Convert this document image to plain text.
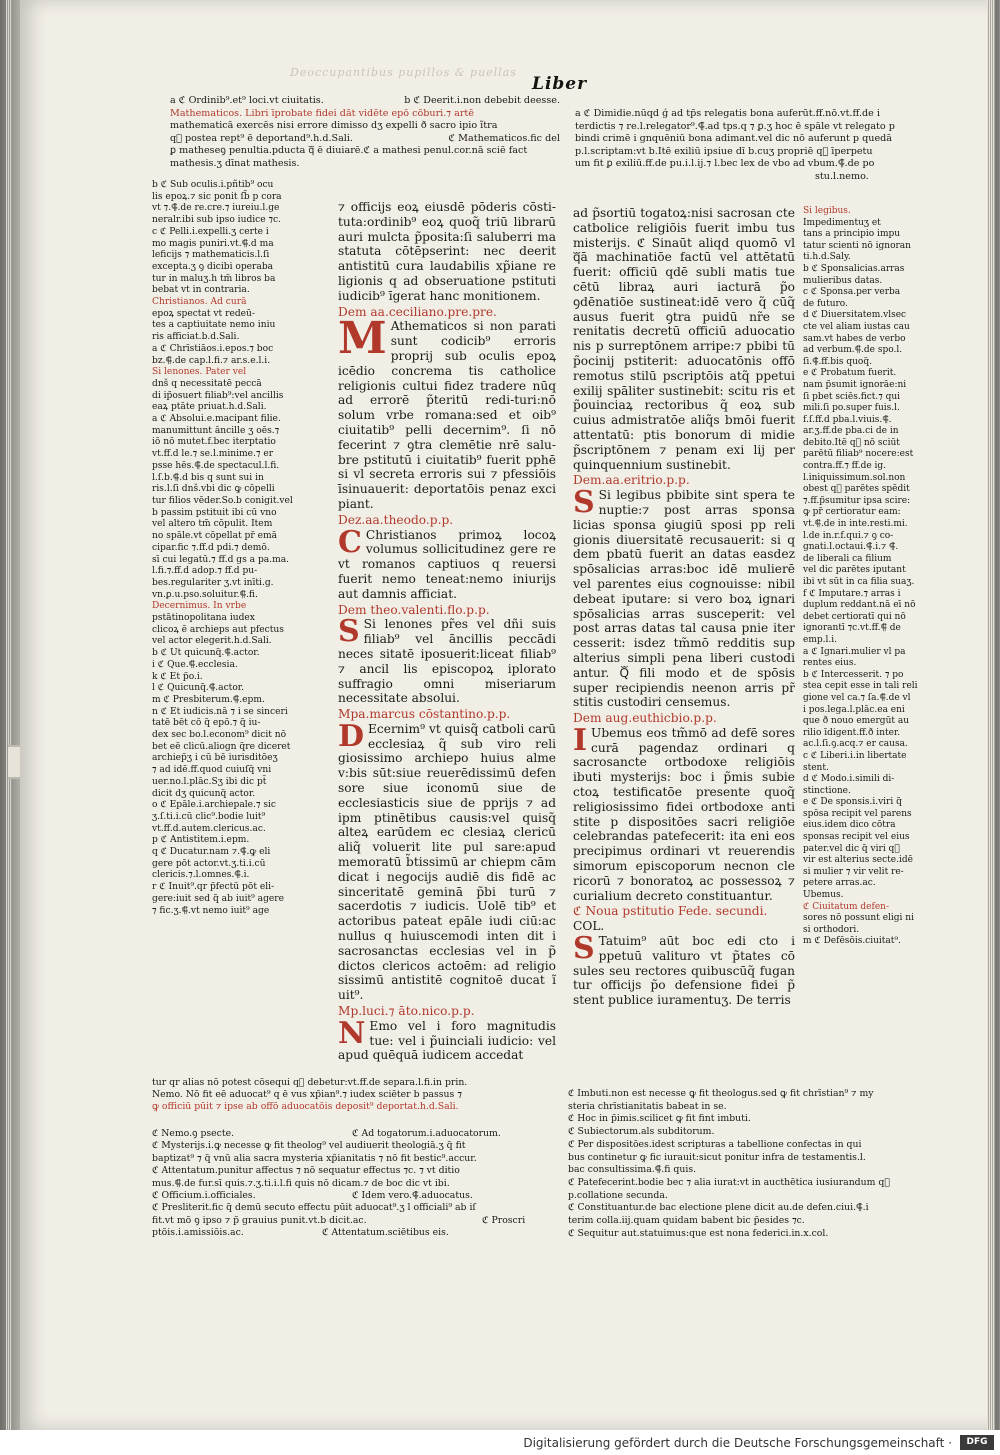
Deoccupantibus pupillos & puellas
Liber
a ℭ Ordinib⁹.et⁹ loci.vt ciuitatis.
Mathematicos. Libri īprobate fidei dāt vidēte epō cōburi.⁊ artē
mathematicā exercēs nisi errore dimisso dʒ expelli ð sacro ipio ĩtra
qᷓ postea rept⁹ ē deportand⁹.h.d.Sali.
ꝑ matheseꝯ penultia.pducta qᷓ ē diuiarē.ℭ a mathesi penul.cor.nā sciē fact
mathesis.ʒ dīnat mathesis.
b ℭ Deerit.i.non debebit deesse.
ℭ Mathematicos.fic del
a ℭ Dimidie.nūqd ǵ ad tp̃s relegatis bona auferūt.ff.nō.vt.ff.de i
terdictis ⁊ re.l.relegator⁹.⸿.ad tps.q ⁊ ꝑ.ʒ hoc ē spāle vt relegato p
bindi crimē i gnquēniū bona adimant.vel dic nō auferunt p quedā
p.l.scriptam:vt b.Itē exiliū ipsiue dī b.cuʒ propriē qᷓ īperpetu
um fit ꝑ exiliū.ff.de pu.i.l.ij.⁊ l.bec lex de vbo ad vbum.⸿.de po
stu.l.nemo.
b ℭ Sub oculis.i.pñtib⁹ ocu
lis epoꝝ.⁊ sic ponit ſb̃ p cora
vt ⁊.⸿.de re.cre.⁊ iureiu.l.ge
neralr.ibi sub ipso iudice ⁊c.
c ℭ Pelli.i.expelli.ʒ certe i
mo magis puniri.vt.⸿.d ma
leficijs ⁊ mathematicis.l.ſi
excepta.ʒ ꝯ dicibi operaba
tur in maluʒ.h tm̃ libros ba
bebat vt in contraria.
Christianos. Ad curā
epoꝝ spectat vt redeū-
tes a captiuitate nemo iniu
ris afficiat.b.d.Sali.
a ℭ Chrīstiāos.i.epos.⁊ boc
bz.⸿.de cap.l.fi.⁊ ar.s.e.l.i.
Si lenones. Pater vel
dnš q necessitatē peccā
di ip̃osuert filiab⁹:vel ancillis
eaꝝ ptāte priuat.h.d.Sali.
a ℭ Absolui.e.macipant filie.
manumittunt āncille ʒ oēs.⁊
iō nō mutet.f.bec iterptatio
vt.ff.d le.⁊ se.l.minime.⁊ er
psse hēs.⸿.de spectacul.l.fi.
l.ſ.b.⸿.d bis q sunt sui in
ris.l.ſi dnš.vbi dic ꝙ cōpelli
tur filios vēder.So.b conigit.vel
b passim pstituit ibi cū vno
vel altero tm̃ cōpulit. Item
no spāle.vt cōpellat pr̃ emā
cipar.fic ⁊.ff.d pdi.⁊ demō.
sī cui legatū.⁊ ff.d gs a pa.ma.
l.fi.⁊.ff.d adop.⁊ ff.d pu-
bes.regulariter ʒ.vt inīti.g.
vn.ꝑ.u.pso.soluitur.⸿.fi.
Decernimus. In vrbe
pstātinopolitana iudex
clicoꝝ ē archieps aut pfectus
vel actor elegerit.h.d.Sali.
b ℭ Ut quicunq̃.⸿.actor.
i ℭ Que.⸿.ecclesia.
k ℭ Et p̃o.i.
l ℭ Quicunq̃.⸿.actor.
m ℭ Presbiterum.⸿.epm.
n ℭ Et iudicis.nā ⁊ i se sinceri
tatē bēt cō q̃ epō.⁊ q̃ iu-
dex sec bo.l.econom⁹ dicit nō
bet eē clicū.aliogn q̃re diceret
archiep̃ʒ i cū bē iurisditōeʒ
⁊ ad idē.ff.quod cuiuſq̃ vni
uer.no.l.plāc.Sʒ ibi dic pt̃
dicit dʒ quicunq̃ actor.
o ℭ Epāle.i.archiepale.⁊ sic
ʒ.ſ.ti.i.cū clic⁹.bodie luit⁹
vt.ff.d.autem.clericus.ac.
p ℭ Antistitem.i.epm.
q ℭ Ducatur.nam ⁊.⸿.ꝙ eli
gere pōt actor.vt.ʒ.ti.i.cū
clericis.⁊.l.omnes.⸿.i.
r ℭ Inuit⁹.qr p̃fectū pōt eli-
gere:iuit sed q̃ ab iuit⁹ agere
⁊ fic.ʒ.⸿.vt nemo iuit⁹ age
tur qr alias nō potest cōsequi qᷓ debetur:vt.ff.de separa.l.fi.in prin.
Nemo. Nō fit eē aduocat⁹ q ē vus xp̃ian⁹.⁊ iudex sciēter b passus ⁊
ꝙ officiū pūit ⁊ ipse ab offō aduocatōis deposit⁹ deportat.h.d.Sali.

⁊ officijs eoꝝ eiusdē pōderis cōsti-tuta:ordinib⁹ eoꝝ quoq̃ triū librarū auri mulcta p̃posita:ſi saluberri ma statuta cōtēpserint: nec deerit antistitū cura laudabilis xp̃iane re ligionis q ad obseruatione pstituti iudicib⁹ īgerat hanc monitionem.

Dem aa.ceciliano.pre.pre.

M Athematicos si non parati sunt codicib⁹ erroris proprij sub oculis epoꝝ icēdio concrema tis catholice religionis cultui fidez tradere nūq ad errorē p̃teritū redi-turi:nō solum vrbe romana:sed et oib⁹ ciuitatib⁹ pelli decernim⁹. ſi nō fecerint ⁊ ꝯtra clemētie nrē salu-bre pstitutū i ciuitatib⁹ fuerit pphē si vl secreta erroris sui ⁊ pfessiōis īsinuauerit: deportatōis penaz exci piant.

Dez.aa.theodo.p.p.

C Christianos primoꝝ locoꝝ volumus sollicitudinez gere re vt romanos captiuos q reuersi fuerit nemo teneat:nemo iniurijs aut damnis afficiat.

Dem theo.valenti.flo.p.p.

S Si lenones pr̃es vel dñi suis filiab⁹ vel āncillis peccādi neces sitatē iposuerit:liceat filiab⁹ ⁊ ancil lis episcopoꝝ iplorato suffragio omni miseriarum necessitate absolui.

Mpa.marcus cōstantino.p.p.

D Ecernim⁹ vt quisq̃ catboli carū ecclesiaꝝ q̃ sub viro reli giosissimo archiepo huius alme v:bis sūt:siue reuerēdissimū defen sore siue iconomū siue de ecclesiasticis siue de pprijs ⁊ ad ipm ptinētibus causis:vel quisq̃ alteꝝ earūdem ec clesiaꝝ clericū aliq̃ voluerit lite pul sare:apud memoratū b̃tissimū ar chiepm cām dicat i negocijs audiē dis fidē ac sinceritatē geminā p̃bi turū ⁊ sacerdotis ⁊ iudicis. Uolē tib⁹ et actoribus pateat epāle iudi ciū:ac nullus q huiuscemodi inten dit i sacrosanctas ecclesias vel in p̃ dictos clericos actoēm: ad religio sissimū antistitē cognitoē ducat ĩ uit⁹.

Mp.luci.⁊ āto.nico.p.p.

N Emo vel i foro magnitudis tue: vel i p̃uinciali iudicio: vel apud quēquā iudicem accedat

ad p̃sortiū togatoꝝ:nisi sacrosan cte catbolice religiōis fuerit imbu tus misterijs. ℭ Sinaūt aliqd quomō vl qᷓā machinatiōe factū vel attētatū fuerit: officiū qdē subli matis tue cētū libraꝝ auri iacturā p̃o ꝯdēnatiōe sustineat:idē vero q̃ cūq̃ ausus fuerit ꝯtra puidū nr̃e se renitatis decretū officiū aduocatio nis p surreptōnem arripe:⁊ pbibi tū p̃ocinij pstiterit: aduocatōnis offō remotus stilū pscriptōis atq̃ ppetui exilij spāliter sustinebit: scitu ris et p̃ouinciaꝝ rectoribus q̃ eoꝝ sub cuius admistratōe aliq̃s bmōi fuerit attentatū: ptis bonorum di midie p̃scriptōnem ⁊ penam exi lij per quinquennium sustinebit.

Dem.aa.eritrio.p.p.

S Si legibus pbibite sint spera te nuptie:⁊ post arras sponsa licias sponsa ꝯiugiū sposi pp reli gionis diuersitatē recusauerit: si q dem pbatū fuerit an datas easdez spōsalicias arras:boc idē mulierē vel parentes eius cognouisse: nibil debeat iputare: si vero boꝝ ignari spōsalicias arras susceperit: vel post arras datas tal causa pnie iter cesserit: isdez tm̃mō redditis sup alterius simpli pena liberi custodi antur. Qᷓ fili modo et de spōsis super recipiendis neenon arris pr̃ stitis custodiri censemus.

Dem aug.euthicbio.p.p.

I Ubemus eos tm̃mō ad defē sores curā pagendaz ordinari q sacrosancte ortbodoxe religiōis ibuti mysterijs: boc i p̃mis subie ctoꝝ testificatōe presente quoq̃ religiosissimo fidei ortbodoxe anti stite p dispositōes sacri religiōe celebrandas patefecerit: ita eni eos precipimus ordinari vt reuerendis simorum episcoporum necnon cle ricorū ⁊ bonoratoꝝ ac possessoꝝ ⁊ curialium decreto constituantur.

ℭ Noua pstitutio Fede. secundi.
COL.

S Tatuim⁹ aūt boc edi cto i ppetuū valituro vt p̃tates cō sules seu rectores quibuscūq̃ fugan tur officijs p̃o defensione fidei p̃ stent publice iuramentuʒ. De terris

Si legibus.
Impedimentuʒ et
tans a principio impu
tatur scienti nō ignoran
ti.h.d.Saly.
b ℭ Sponsalicias.arras
mulieribus datas.
c ℭ Sponsa.per verba
de futuro.
d ℭ Diuersitatem.vlsec
cte vel aliam iustas cau
sam.vt habes de verbo
ad verbum.⸿.de spo.l.
ſi.⸿.ff.bis quoq̃.
e ℭ Probatum fuerit.
nam p̃sumit ignorāe:ni
ſi pbet sciēs.fict.⁊ qui
mili.ſi po.super fuis.l.
f.ſ.ff.d pba.l.viuis.⸿.
ar.ʒ.ff.de pba.ci de in
debito.Itē qᷓ nō sciūt
parētū filiab⁹ nocere:est
contra.ff.⁊ ff.de ig.
l.iniquissimum.sol.non
obest qᷓ parētes spēdit
⁊.ff.p̃sumitur ipsa scire:
ꝙ pr̃ certioratur eam:
vt.⸿.de in inte.resti.mi.
l.de in.r.f.qui.⁊ ꝯ co-
gnati.l.octaui.⸿.i.⁊ ⸿.
de liberali ca filium
vel dic parētes iputant
ibi vt sūt in ca filia suaʒ.
f ℭ Imputare.⁊ arras i
duplum reddant.nā eī nō
debet certioratī qui nō
ignorantī ⁊c.vt.ff.⸿ de
emp.l.i.
a ℭ Ignari.mulier vl pa
rentes eius.
b ℭ Intercesserit. ⁊ po
stea cepit esse in tali reli
gione vel ca.⁊ ſa.⸿.de vl
i pos.lega.l.plāc.ea eni
que ð nouo emergūt au
rilio īdigent.ff.ð inter.
ac.l.ſi.ꝯ.acq.⁊ er causa.
c ℭ Liberi.i.in libertate
stent.
d ℭ Modo.i.simili di-
stinctione.
e ℭ De sponsis.i.viri q̃
spōsa recipit vel parens
eius.idem dico cōtra
sponsas recipit vel eius
pater.vel dic q̃ viri qᷓ
vir est alterius secte.idē
si mulier ⁊ vir velit re-
petere arras.ac.
Ubemus.
ℭ Ciuitatum defen-
sores nō possunt eligi ni
si orthodori.
m ℭ Defēsōis.ciuitat⁹.
ℭ Nemo.ꝯ psecte.	ℭ Ad togatorum.i.aduocatorum.
ℭ Mysterijs.i.ꝙ necesse ꝙ fit theolog⁹ vel audiuerit theologiā.ʒ q̃ fit
baptizat⁹ ⁊ q̃ vnū alia sacra mysteria xp̃ianitatis ⁊ nō fit bestic⁹.accur.
ℭ Attentatum.punitur affectus ⁊ nō sequatur effectus ⁊c. ⁊ vt ditio
mus.⸿.de fur.sī quis.⁊.ʒ.ti.i.l.fi quis nō dicam.⁊ de boc dic vt ibi.
ℭ Officium.i.officiales.	ℭ Idem vero.⸿.aduocatus.
ℭ Presliterit.fic q̃ demū secuto effectu pūit aduocat⁹.ʒ l officiali⁹ ab iſ
fit.vt mō ꝯ ipso ⁊ p̃ grauius punit.vt.b dicit.ac.	ℭ Proscri
ptōis.i.amissiōis.ac.	ℭ Attentatum.sciētibus eis.
ℭ Imbuti.non est necesse ꝙ fit theologus.sed ꝙ fit chrīstian⁹ ⁊ my
steria chrīstianitatis babeat in se.
ℭ Hoc in p̃imis.scilicet ꝙ fit fint imbuti.
ℭ Subiectorum.als subditorum.
ℭ Per dispositōes.idest scripturas a tabellione confectas in qui
bus continetur ꝙ fic iurauit:sicut ponitur infra de testamentis.l.
bac consultissima.⸿.fi quis.
ℭ Patefecerint.bodie bec ⁊ alia iurat:vt in aucthētica iusiurandum qᷓ
p.collatione secunda.
ℭ Constituantur.de bac electione plene dicit au.de defen.ciui.⸿.i
terim colla.iij.quam quidam babent bic p̃esides ⁊c.
ℭ Sequitur aut.statuimus:que est nona federici.in.x.col.
Digitalisierung gefördert durch die Deutsche Forschungsgemeinschaft ·	DFG
